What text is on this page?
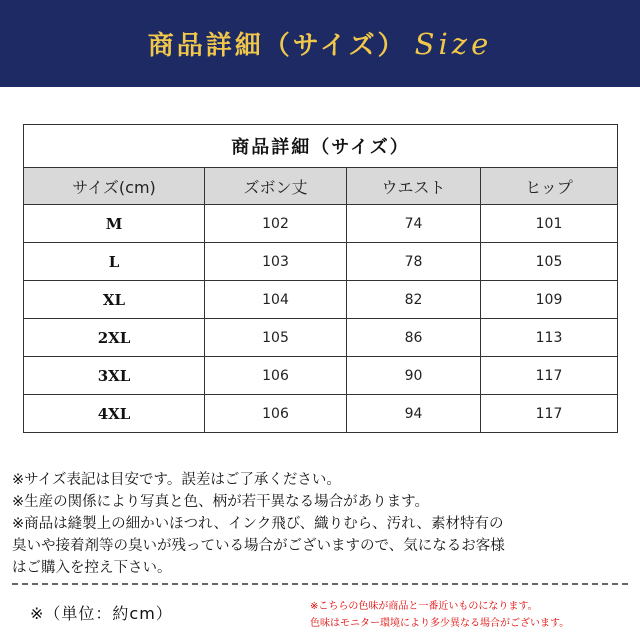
商品詳細（サイズ） Size
商品詳細（サイズ）			
サイズ(cm)	ズボン丈	ウエスト	ヒップ
M	102	74	101
L	103	78	105
XL	104	82	109
2XL	105	86	113
3XL	106	90	117
4XL	106	94	117

※サイズ表記は目安です。誤差はご了承ください。

※生産の関係により写真と色、柄が若干異なる場合があります。

※商品は縫製上の細かいほつれ、インク飛び、織りむら、汚れ、素材特有の

臭いや接着剤等の臭いが残っている場合がございますので、気になるお客様

はご購入を控え下さい。

※（単位：約cm）	※こちらの色味が商品と一番近いものになります。

色味はモニター環境により多少異なる場合がございます。
